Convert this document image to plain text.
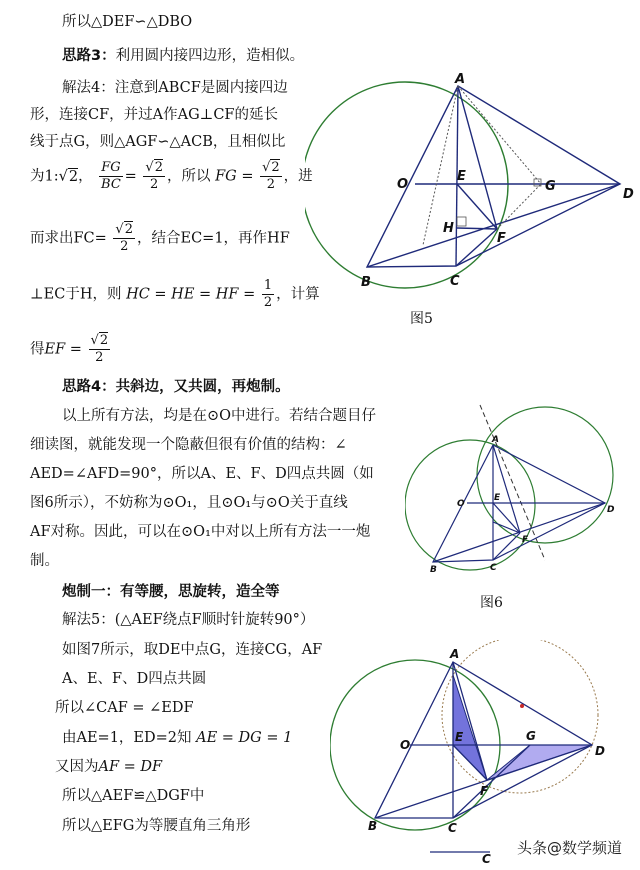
所以△DEF∽△DBO
思路3：利用圆内接四边形，造相似。
解法4：注意到ABCF是圆内接四边
形，连接CF，并过A作AG⊥CF的延长
线于点G，则△AGF∽△ACB，且相似比
为1:√2， $\frac{FG}{BC} = \frac{√2}{2}$ ，所以 FG = $\frac{√2}{2}$ ，进
而求出$FC= \frac{√2}{2}$ ，结合EC=1，再作HF
⊥EC于H，则 HC = HE = HF = $\frac{1}{2}$ ，计算
得EF = $\frac{√2}{2}$
A
B	C
D
E
F
G
H
O
图5
思路4：共斜边，又共圆，再炮制。
以上所有方法，均是在⊙O中进行。若结合题目仔
细读图，就能发现一个隐蔽但很有价值的结构：∠
AED=∠AFD=90°，所以A、E、F、D四点共圆（如
图6所示），不妨称为⊙O₁，且⊙O₁与⊙O关于直线
AF对称。因此，可以在⊙O₁中对以上所有方法一一炮
制。
A
B	C
D
E
F
O
图6
炮制一：有等腰，思旋转，造全等
解法5：(△AEF绕点F顺时针旋转90°）
如图7所示，取DE中点G，连接CG，AF
A、E、F、D四点共圆
所以∠CAF = ∠EDF
由AE=1，ED=2知 AE = DG = 1
又因为AF = DF
所以△AEF≌△DGF中
所以△EFG为等腰直角三角形
A
B	C
D
E
F
G
O
C
头条@数学频道
